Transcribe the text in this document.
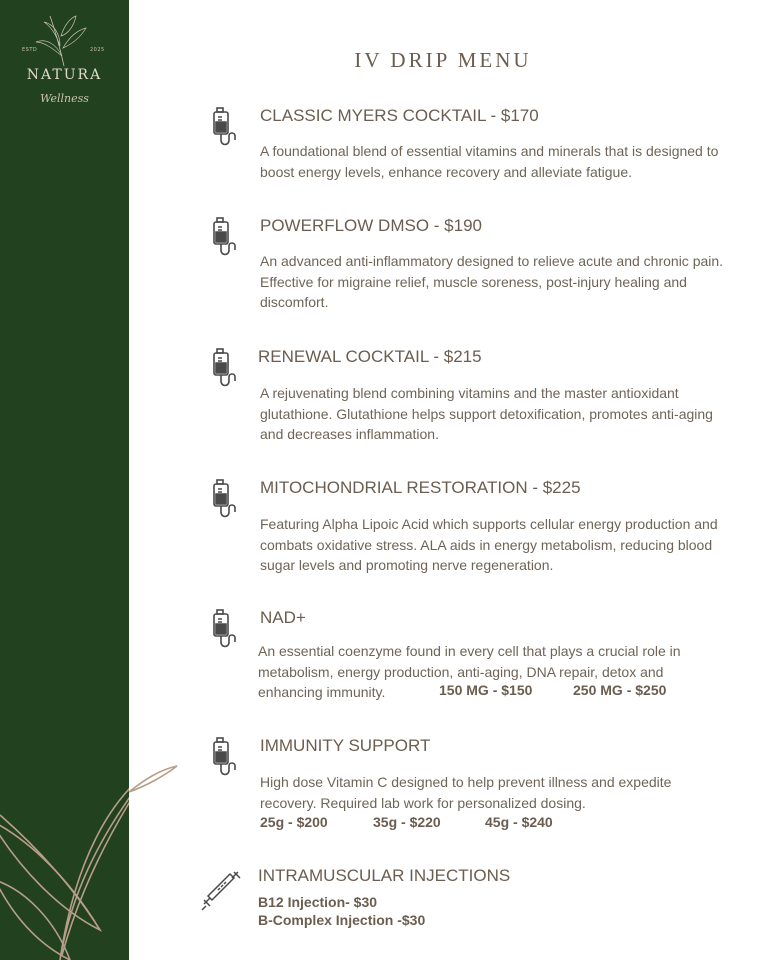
ESTD	2025
NATURA
Wellness
IV DRIP MENU
CLASSIC MYERS COCKTAIL - $170
A foundational blend of essential vitamins and minerals that is designed to boost energy levels, enhance recovery and alleviate fatigue.
POWERFLOW DMSO - $190
An advanced anti-inflammatory designed to relieve acute and chronic pain. Effective for migraine relief, muscle soreness, post-injury healing and discomfort.
RENEWAL COCKTAIL - $215
A rejuvenating blend combining vitamins and the master antioxidant glutathione. Glutathione helps support detoxification, promotes anti-aging and decreases inflammation.
MITOCHONDRIAL RESTORATION - $225
Featuring Alpha Lipoic Acid which supports cellular energy production and combats oxidative stress. ALA aids in energy metabolism, reducing blood sugar levels and promoting nerve regeneration.
NAD+
An essential coenzyme found in every cell that plays a crucial role in metabolism, energy production, anti-aging, DNA repair, detox and enhancing immunity.	150 MG - $150	250 MG - $250
IMMUNITY SUPPORT
High dose Vitamin C designed to help prevent illness and expedite recovery. Required lab work for personalized dosing.
25g - $200	35g - $220	45g - $240
INTRAMUSCULAR INJECTIONS
B12 Injection- $30
B-Complex Injection -$30
